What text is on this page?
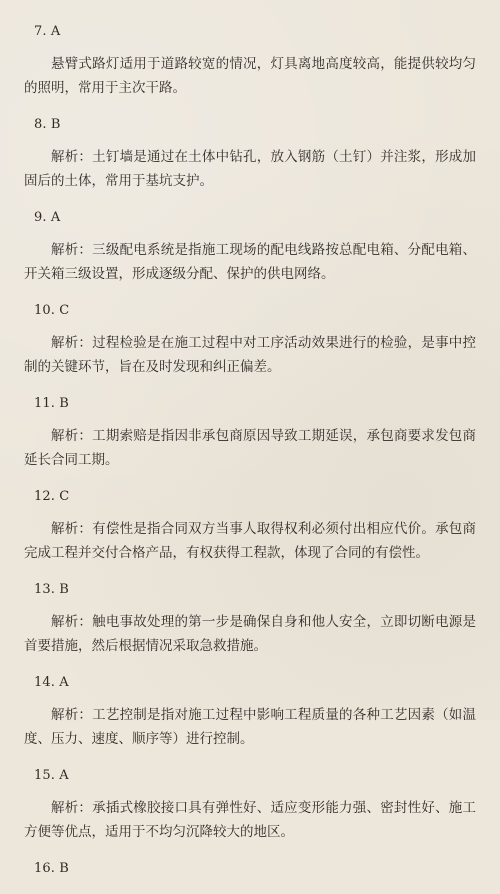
7. A
悬臂式路灯适用于道路较宽的情况，灯具离地高度较高，能提供较均匀的照明，常用于主次干路。
8. B
解析：土钉墙是通过在土体中钻孔，放入钢筋（土钉）并注浆，形成加固后的土体，常用于基坑支护。
9. A
解析：三级配电系统是指施工现场的配电线路按总配电箱、分配电箱、开关箱三级设置，形成逐级分配、保护的供电网络。
10. C
解析：过程检验是在施工过程中对工序活动效果进行的检验，是事中控制的关键环节，旨在及时发现和纠正偏差。
11. B
解析：工期索赔是指因非承包商原因导致工期延误，承包商要求发包商延长合同工期。
12. C
解析：有偿性是指合同双方当事人取得权利必须付出相应代价。承包商完成工程并交付合格产品，有权获得工程款，体现了合同的有偿性。
13. B
解析：触电事故处理的第一步是确保自身和他人安全，立即切断电源是首要措施，然后根据情况采取急救措施。
14. A
解析：工艺控制是指对施工过程中影响工程质量的各种工艺因素（如温度、压力、速度、顺序等）进行控制。
15. A
解析：承插式橡胶接口具有弹性好、适应变形能力强、密封性好、施工方便等优点，适用于不均匀沉降较大的地区。
16. B
